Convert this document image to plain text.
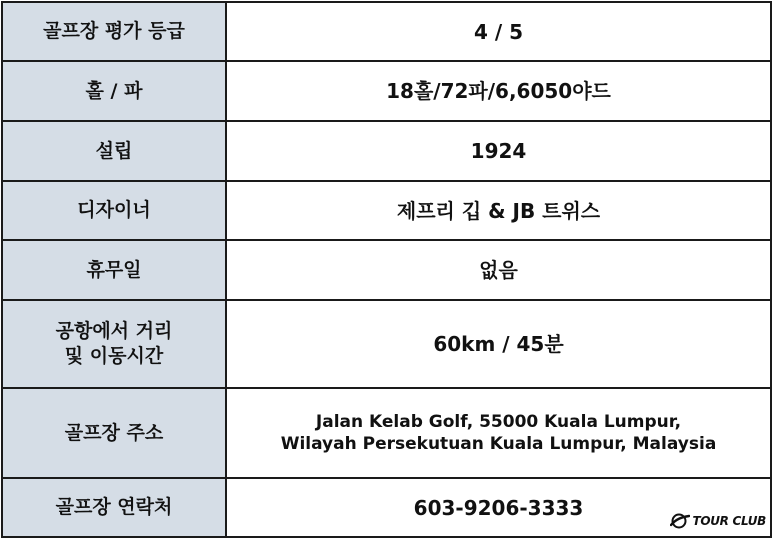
골프장 평가 등급	4 / 5
홀 / 파	18홀/72파/6,6050야드
설립	1924
디자이너	제프리 깁 & JB 트위스
휴무일	없음

공항에서 거리
및 이동시간	60km / 45분
골프장 주소	Jalan Kelab Golf, 55000 Kuala Lumpur,
Wilayah Persekutuan Kuala Lumpur, Malaysia

골프장 연락처	603-9206-3333
TOUR CLUB
